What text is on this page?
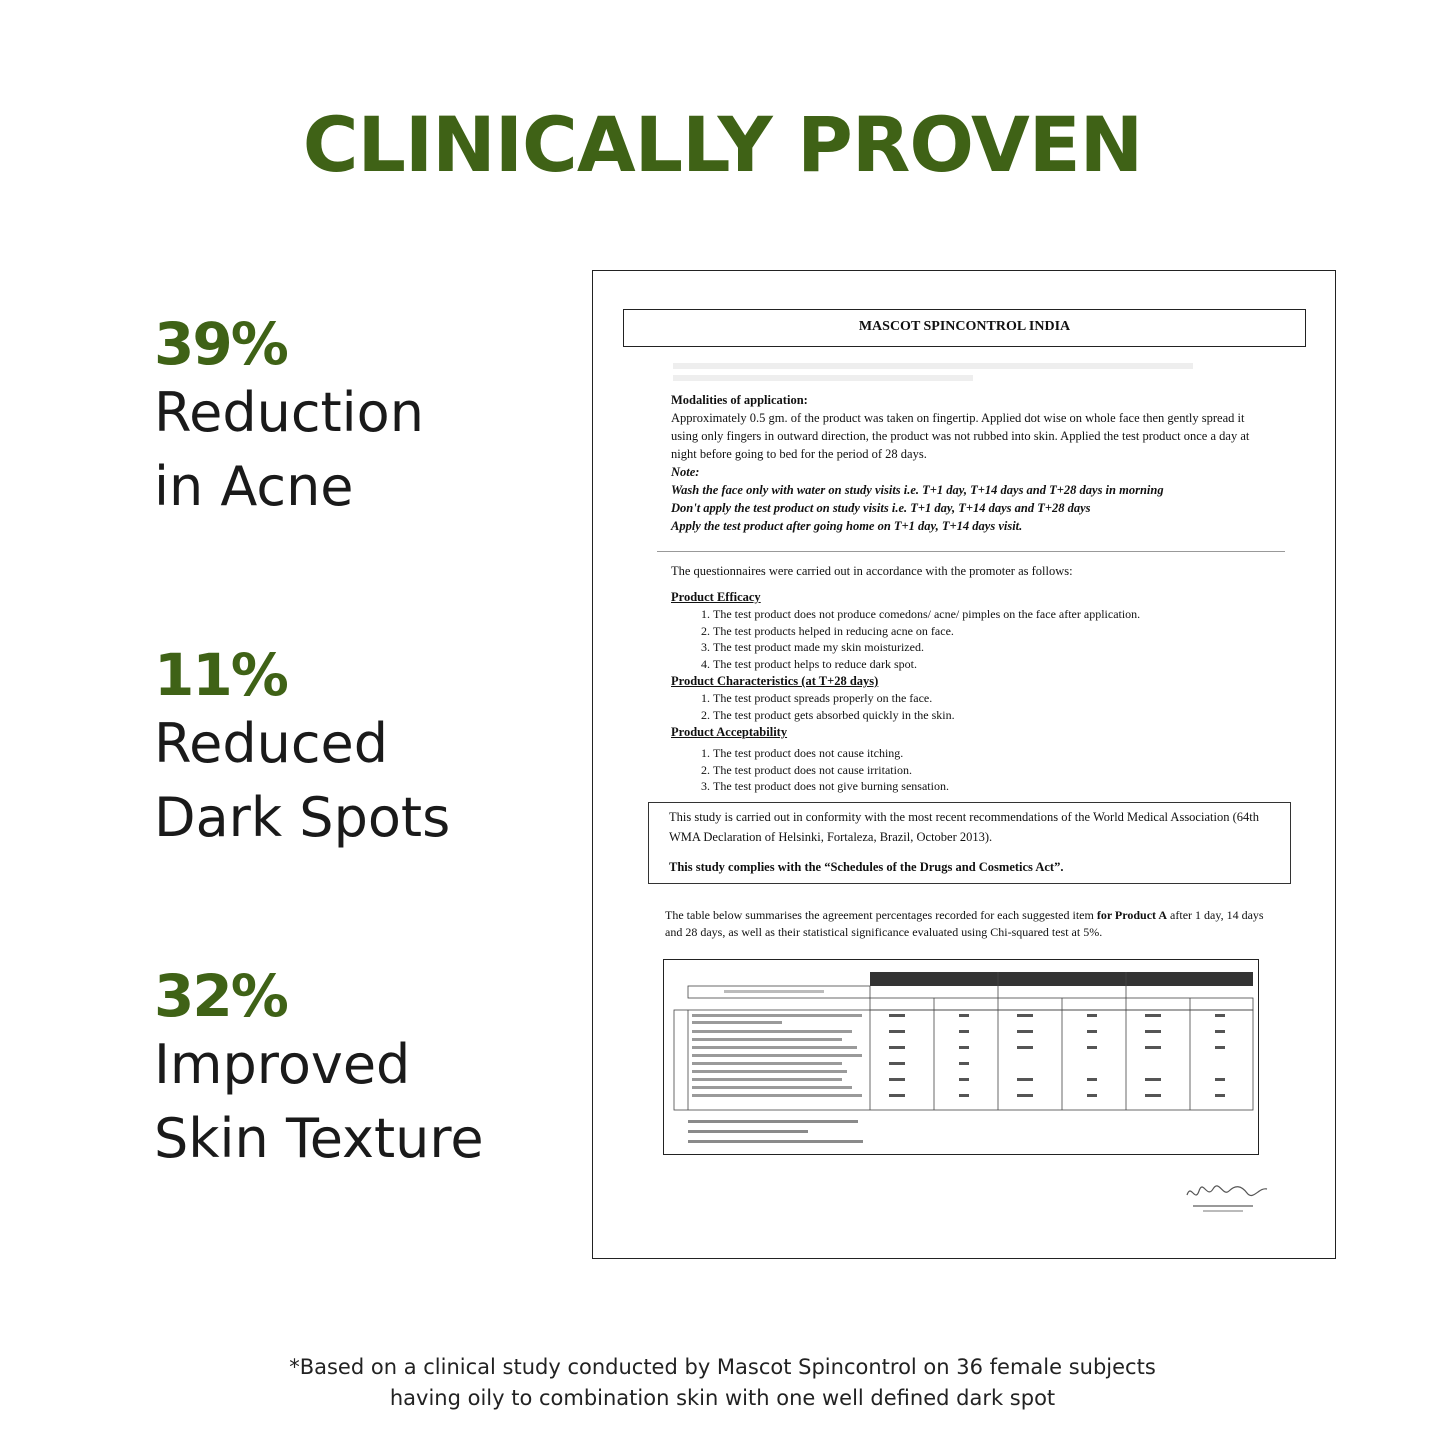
CLINICALLY PROVEN
39%
Reduction
in Acne
11%
Reduced
Dark Spots
32%
Improved
Skin Texture
MASCOT SPINCONTROL INDIA
Modalities of application:
Approximately 0.5 gm. of the product was taken on fingertip. Applied dot wise on whole face then gently spread it using only fingers in outward direction, the product was not rubbed into skin. Applied the test product once a day at night before going to bed for the period of 28 days.
Note:
Wash the face only with water on study visits i.e. T+1 day, T+14 days and T+28 days in morning
Don't apply the test product on study visits i.e. T+1 day, T+14 days and T+28 days
Apply the test product after going home on T+1 day, T+14 days visit.
The questionnaires were carried out in accordance with the promoter as follows:
Product Efficacy
1. The test product does not produce comedons/ acne/ pimples on the face after application.
2. The test products helped in reducing acne on face.
3. The test product made my skin moisturized.
4. The test product helps to reduce dark spot.
Product Characteristics (at T+28 days)
1. The test product spreads properly on the face.
2. The test product gets absorbed quickly in the skin.
Product Acceptability
1. The test product does not cause itching.
2. The test product does not cause irritation.
3. The test product does not give burning sensation.
This study is carried out in conformity with the most recent recommendations of the World Medical Association (64th WMA Declaration of Helsinki, Fortaleza, Brazil, October 2013).
This study complies with the “Schedules of the Drugs and Cosmetics Act”.
The table below summarises the agreement percentages recorded for each suggested item for Product A after 1 day, 14 days and 28 days, as well as their statistical significance evaluated using Chi-squared test at 5%.
*Based on a clinical study conducted by Mascot Spincontrol on 36 female subjects
having oily to combination skin with one well defined dark spot
